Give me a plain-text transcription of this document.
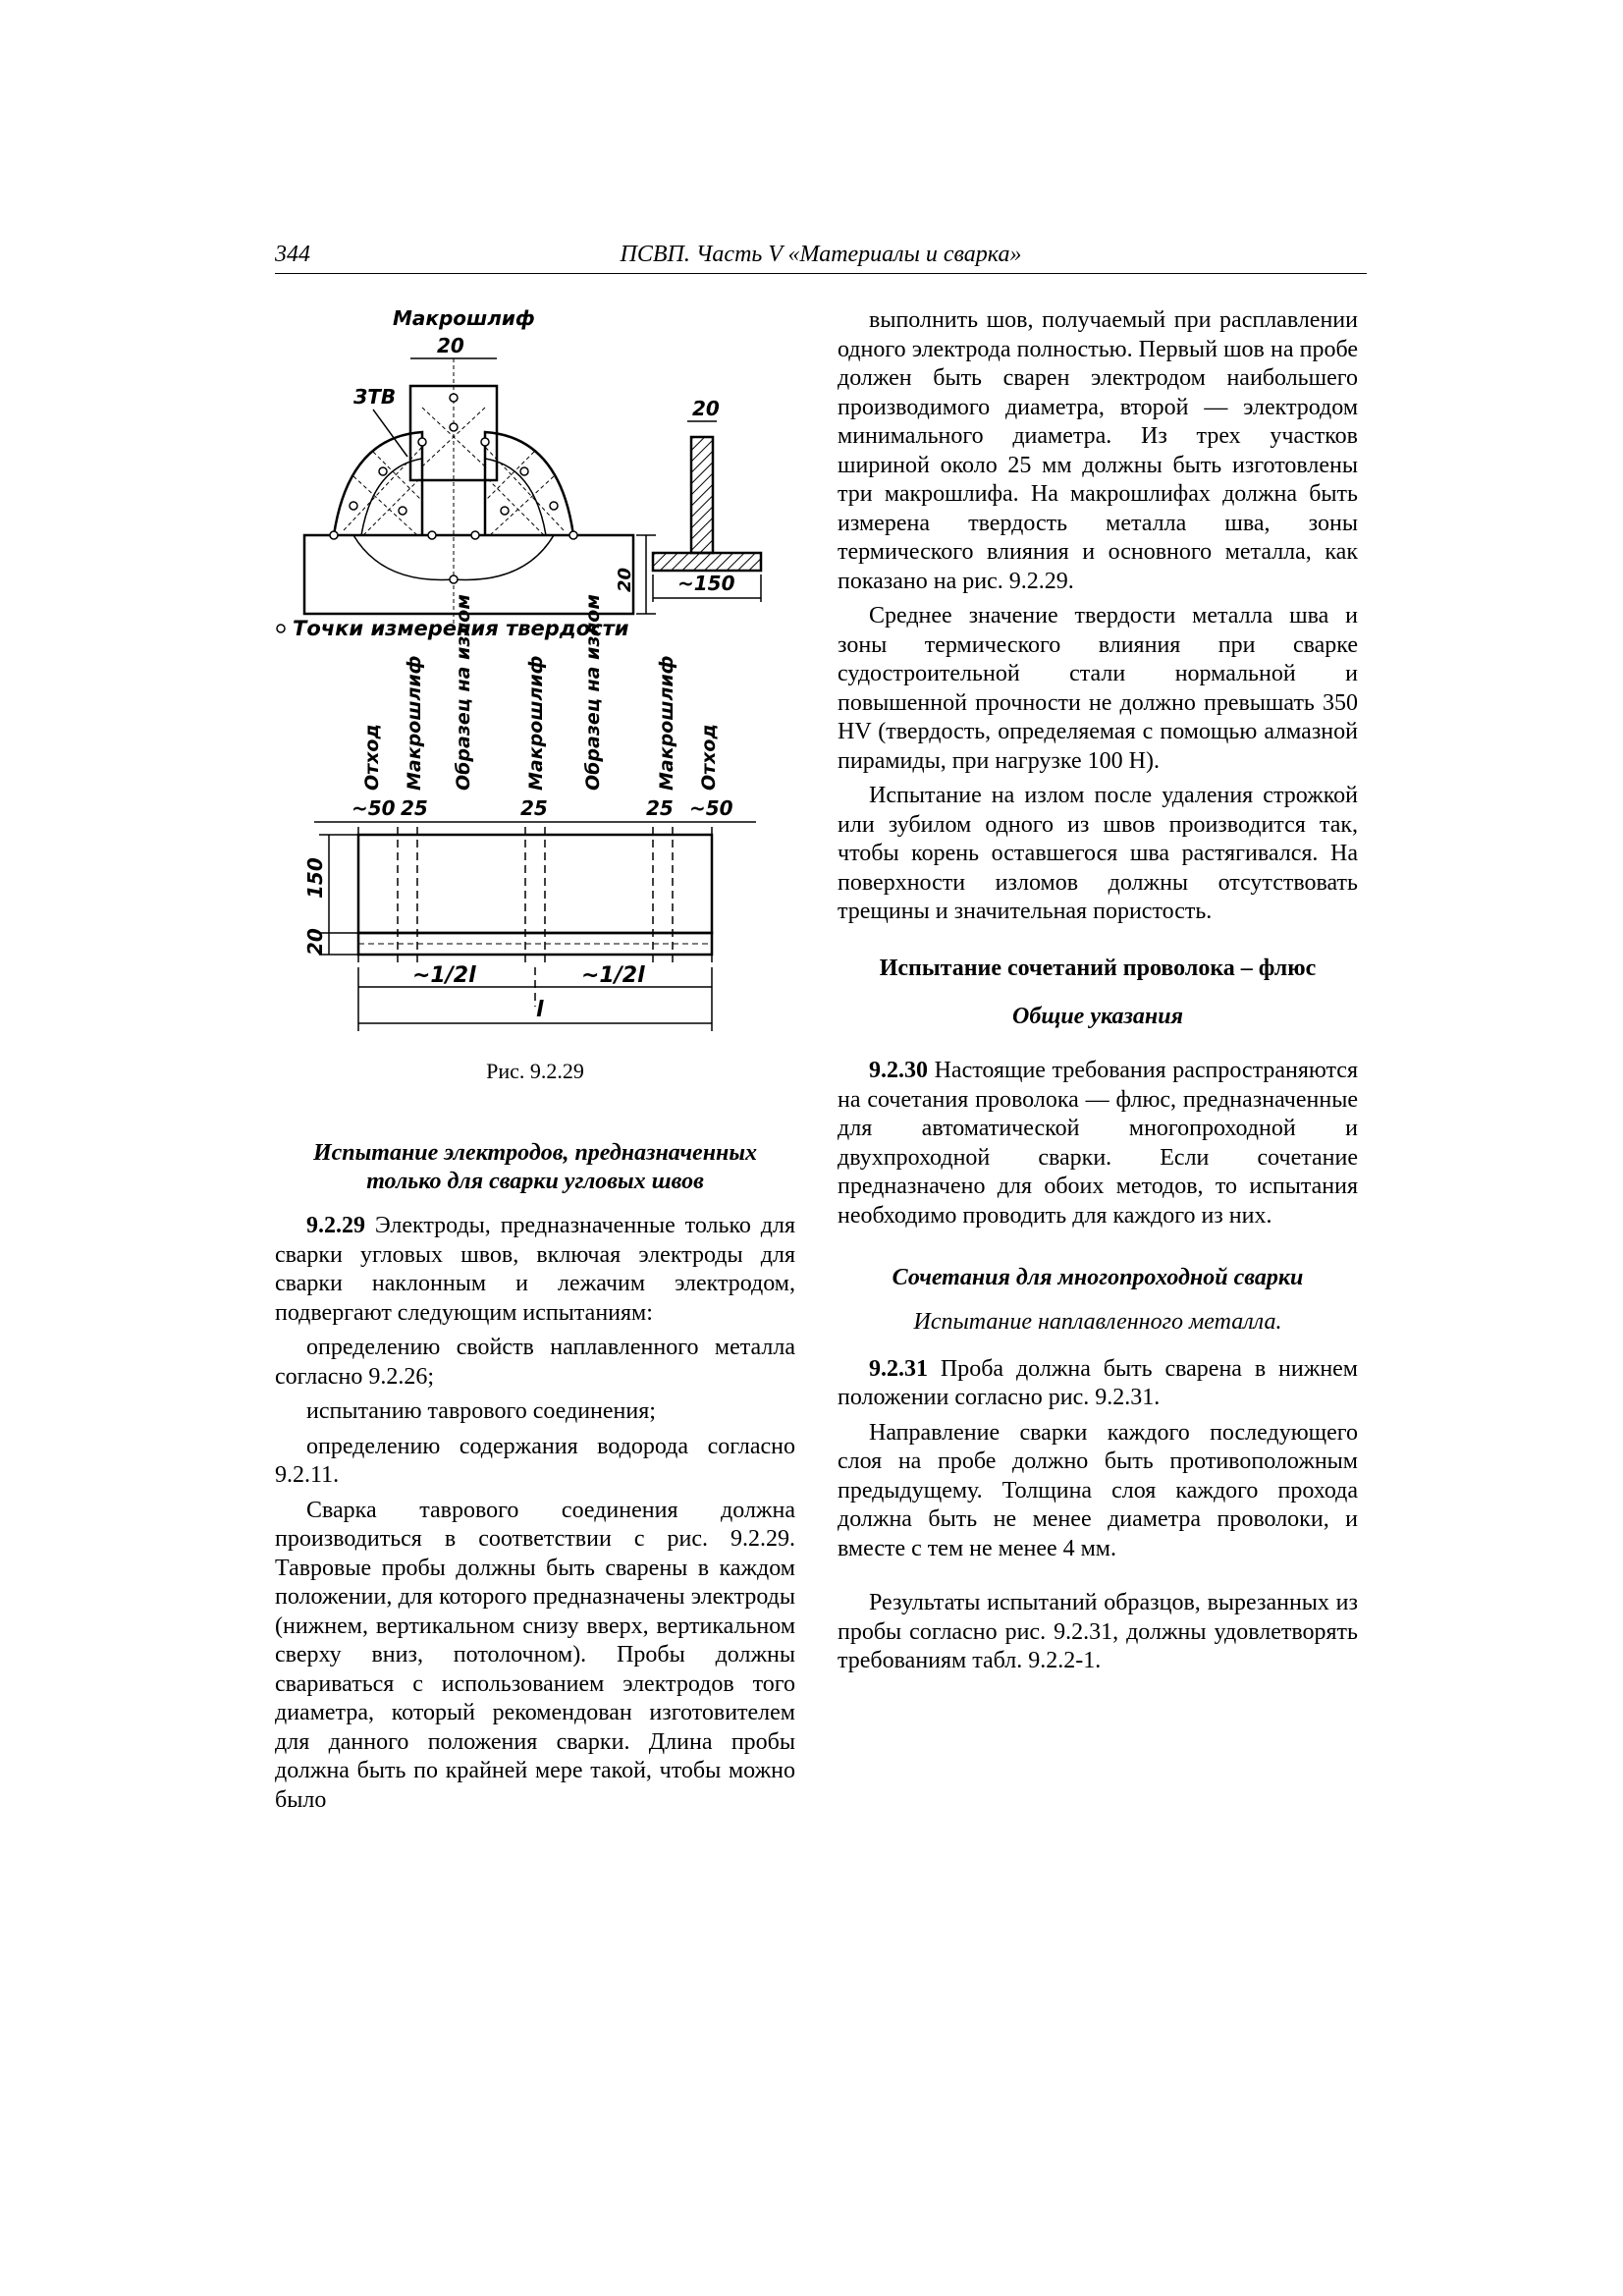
344	ПСВП. Часть V «Материалы и сварка»
Макрошлиф
20
ЗТВ
20
20
~150
Точки измерения твердости
Отход Макрошлиф Образец на излом	Макрошлиф Образец на излом	Макрошлиф Отход
~50 25	25	25 ~50
150
20
~1/2l	~1/2l
l
Рис. 9.2.29
Испытание электродов, предназначенных только для сварки угловых швов

9.2.29 Электроды, предназначенные только для сварки угловых швов, включая электроды для сварки наклонным и лежачим электродом, подвергают следующим испытаниям:

определению свойств наплавленного металла согласно 9.2.26;

испытанию таврового соединения;

определению содержания водорода согласно 9.2.11.

Сварка таврового соединения должна производиться в соответствии с рис. 9.2.29. Тавровые пробы должны быть сварены в каждом положении, для которого предназначены электроды (нижнем, вертикальном снизу вверх, вертикальном сверху вниз, потолочном). Пробы должны свариваться с использованием электродов того диаметра, который рекомендован изготовителем для данного положения сварки. Длина пробы должна быть по крайней мере такой, чтобы можно было

выполнить шов, получаемый при расплавлении одного электрода полностью. Первый шов на пробе должен быть сварен электродом наибольшего производимого диаметра, второй — электродом минимального диаметра. Из трех участков шириной около 25 мм должны быть изготовлены три макрошлифа. На макрошлифах должна быть измерена твердость металла шва, зоны термического влияния и основного металла, как показано на рис. 9.2.29.

Среднее значение твердости металла шва и зоны термического влияния при сварке судостроительной стали нормальной и повышенной прочности не должно превышать 350 HV (твердость, определяемая с помощью алмазной пирамиды, при нагрузке 100 Н).

Испытание на излом после удаления строжкой или зубилом одного из швов производится так, чтобы корень оставшегося шва растягивался. На поверхности изломов должны отсутствовать трещины и значительная пористость.

Испытание сочетаний проволока – флюс
Общие указания

9.2.30 Настоящие требования распространяются на сочетания проволока — флюс, предназначенные для автоматической многопроходной и двухпроходной сварки. Если сочетание предназначено для обоих методов, то испытания необходимо проводить для каждого из них.

Сочетания для многопроходной сварки
Испытание наплавленного металла.

9.2.31 Проба должна быть сварена в нижнем положении согласно рис. 9.2.31.

Направление сварки каждого последующего слоя на пробе должно быть противоположным предыдущему. Толщина слоя каждого прохода должна быть не менее диаметра проволоки, и вместе с тем не менее 4 мм.

Результаты испытаний образцов, вырезанных из пробы согласно рис. 9.2.31, должны удовлетворять требованиям табл. 9.2.2-1.
